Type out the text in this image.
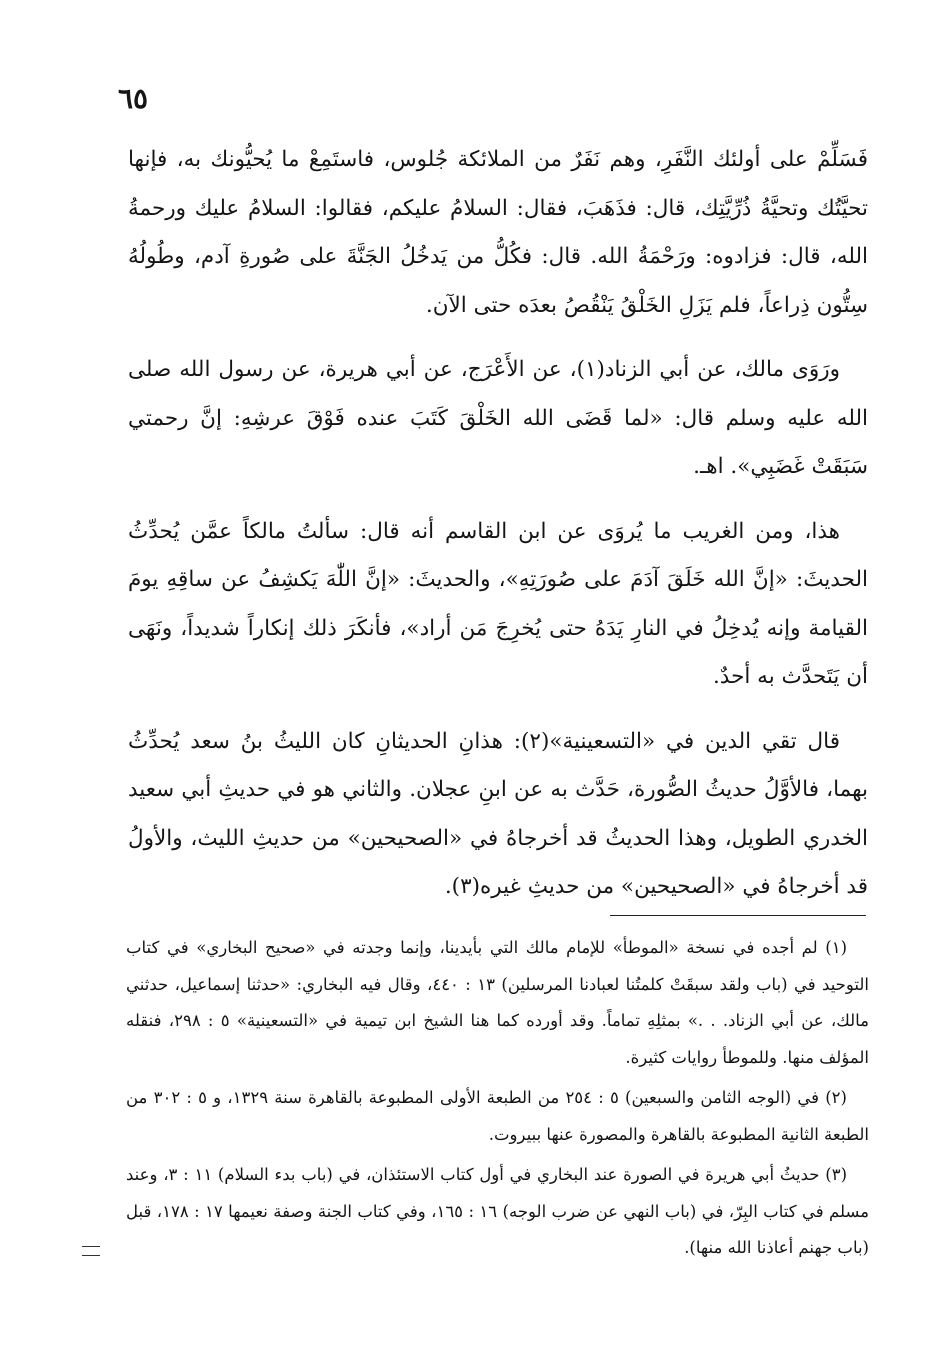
٦٥

فَسَلِّمْ على أولئك النَّفَرِ، وهم نَفَرٌ من الملائكة جُلوس، فاستَمِعْ ما يُحيُّونك به، فإنها تحيَّتُك وتحيَّةُ ذُرِّيَّتِك، قال: فذَهَبَ، فقال: السلامُ عليكم، فقالوا: السلامُ عليك ورحمةُ الله، قال: فزادوه: ورَحْمَةُ الله. قال: فكُلُّ من يَدخُلُ الجَنَّةَ على صُورةِ آدم، وطُولُهُ سِتُّون ذِراعاً، فلم يَزَلِ الخَلْقُ يَنْقُصُ بعدَه حتى الآن.

ورَوَى مالك، عن أبي الزناد(١)، عن الأَعْرَج، عن أبي هريرة، عن رسول الله صلى الله عليه وسلم قال: «لما قَضَى الله الخَلْقَ كَتَبَ عنده فَوْقَ عرشِهِ: إنَّ رحمتي سَبَقَتْ غَضَبِي». اهـ.

هذا، ومن الغريب ما يُروَى عن ابن القاسم أنه قال: سألتُ مالكاً عمَّن يُحدِّثُ الحديثَ: «إنَّ الله خَلَقَ آدَمَ على صُورَتِهِ»، والحديثَ: «إنَّ اللّٰهَ يَكشِفُ عن ساقِهِ يومَ القيامة وإنه يُدخِلُ في النارِ يَدَهُ حتى يُخرِجَ مَن أراد»، فأنكَرَ ذلك إنكاراً شديداً، ونَهَى أن يَتَحدَّث به أحدٌ.

قال تقي الدين في «التسعينية»(٢): هذانِ الحديثانِ كان الليثُ بنُ سعد يُحدِّثُ بهما، فالأوَّلُ حديثُ الصُّورة، حَدَّث به عن ابنِ عجلان. والثاني هو في حديثِ أبي سعيد الخدري الطويل، وهذا الحديثُ قد أخرجاهُ في «الصحيحين» من حديثِ الليث، والأولُ قد أخرجاهُ في «الصحيحين» من حديثِ غيره(٣).

(١) لم أجده في نسخة «الموطأ» للإمام مالك التي بأيدينا، وإنما وجدته في «صحيح البخاري» في كتاب التوحيد في (باب ولقد سبقَتْ كلمتُنا لعبادنا المرسلين) ١٣ : ٤٤٠، وقال فيه البخاري: «حدثنا إسماعيل، حدثني مالك، عن أبي الزناد. . .» بمثلِهِ تماماً. وقد أورده كما هنا الشيخ ابن تيمية في «التسعينية» ٥ : ٢٩٨، فنقله المؤلف منها. وللموطأ روايات كثيرة.

(٢) في (الوجه الثامن والسبعين) ٥ : ٢٥٤ من الطبعة الأولى المطبوعة بالقاهرة سنة ١٣٢٩، و ٥ : ٣٠٢ من الطبعة الثانية المطبوعة بالقاهرة والمصورة عنها ببيروت.

(٣) حديثُ أبي هريرة في الصورة عند البخاري في أول كتاب الاستئذان، في (باب بدء السلام) ١١ : ٣، وعند مسلم في كتاب البِرّ، في (باب النهي عن ضرب الوجه) ١٦ : ١٦٥، وفي كتاب الجنة وصفة نعيمها ١٧ : ١٧٨، قبل (باب جهنم أعاذنا الله منها).
